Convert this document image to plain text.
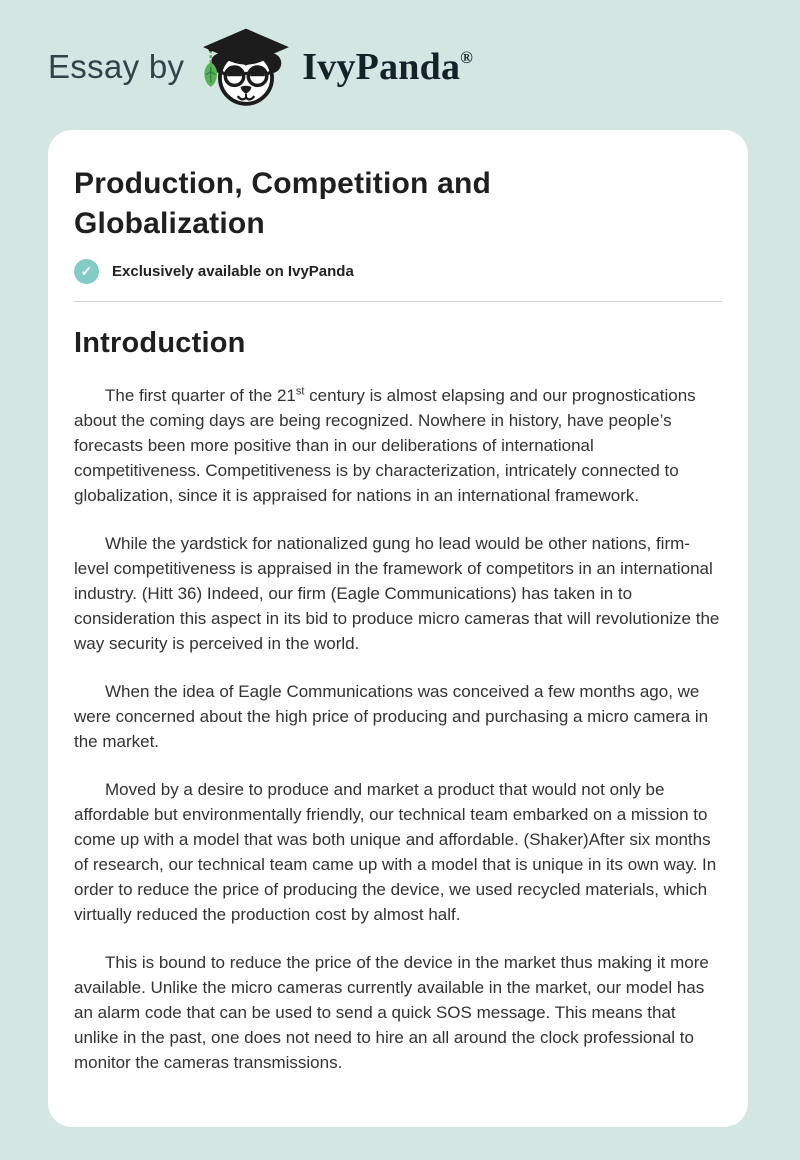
Essay by	IvyPanda®
Production, Competition and Globalization
✓	Exclusively available on IvyPanda
Introduction

The first quarter of the 21st century is almost elapsing and our prognostications about the coming days are being recognized. Nowhere in history, have people’s forecasts been more positive than in our deliberations of international competitiveness. Competitiveness is by characterization, intricately connected to globalization, since it is appraised for nations in an international framework.

While the yardstick for nationalized gung ho lead would be other nations, firm-level competitiveness is appraised in the framework of competitors in an international industry. (Hitt 36) Indeed, our firm (Eagle Communications) has taken in to consideration this aspect in its bid to produce micro cameras that will revolutionize the way security is perceived in the world.

When the idea of Eagle Communications was conceived a few months ago, we were concerned about the high price of producing and purchasing a micro camera in the market.

Moved by a desire to produce and market a product that would not only be affordable but environmentally friendly, our technical team embarked on a mission to come up with a model that was both unique and affordable. (Shaker)After six months of research, our technical team came up with a model that is unique in its own way. In order to reduce the price of producing the device, we used recycled materials, which virtually reduced the production cost by almost half.

This is bound to reduce the price of the device in the market thus making it more available. Unlike the micro cameras currently available in the market, our model has an alarm code that can be used to send a quick SOS message. This means that unlike in the past, one does not need to hire an all around the clock professional to monitor the cameras transmissions.
